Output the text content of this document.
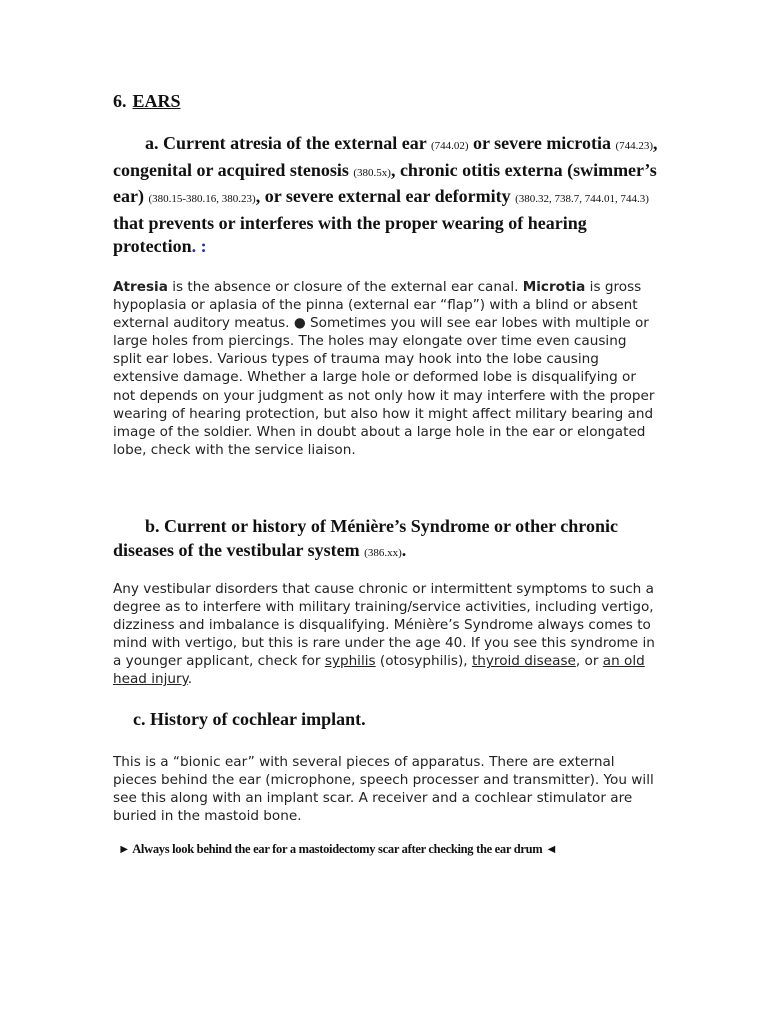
6. EARS
a. Current atresia of the external ear (744.02) or severe microtia (744.23), congenital or acquired stenosis (380.5x), chronic otitis externa (swimmer’s ear) (380.15-380.16, 380.23), or severe external ear deformity (380.32, 738.7, 744.01, 744.3) that prevents or interferes with the proper wearing of hearing protection. :
Atresia is the absence or closure of the external ear canal. Microtia is gross hypoplasia or aplasia of the pinna (external ear “flap”) with a blind or absent external auditory meatus. ● Sometimes you will see ear lobes with multiple or large holes from piercings. The holes may elongate over time even causing split ear lobes. Various types of trauma may hook into the lobe causing extensive damage. Whether a large hole or deformed lobe is disqualifying or not depends on your judgment as not only how it may interfere with the proper wearing of hearing protection, but also how it might affect military bearing and image of the soldier. When in doubt about a large hole in the ear or elongated lobe, check with the service liaison.
b. Current or history of Ménière’s Syndrome or other chronic diseases of the vestibular system (386.xx).
Any vestibular disorders that cause chronic or intermittent symptoms to such a degree as to interfere with military training/service activities, including vertigo, dizziness and imbalance is disqualifying. Ménière’s Syndrome always comes to mind with vertigo, but this is rare under the age 40. If you see this syndrome in a younger applicant, check for syphilis (otosyphilis), thyroid disease, or an old head injury.
c. History of cochlear implant.
This is a “bionic ear” with several pieces of apparatus. There are external pieces behind the ear (microphone, speech processer and transmitter). You will see this along with an implant scar. A receiver and a cochlear stimulator are buried in the mastoid bone.
► Always look behind the ear for a mastoidectomy scar after checking the ear drum ◄
